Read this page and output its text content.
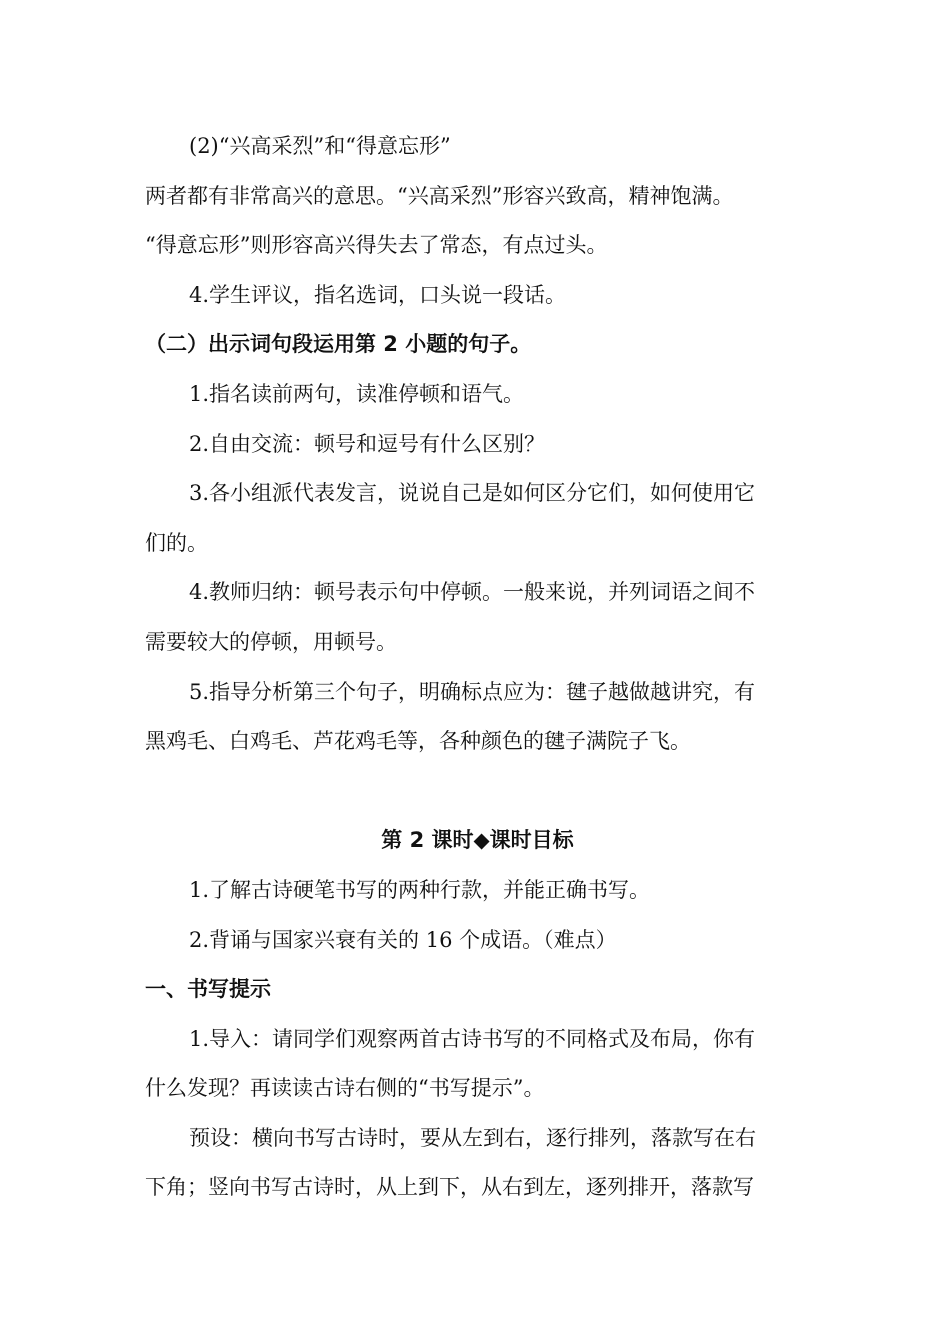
(2)“兴高采烈”和“得意忘形”
两者都有非常高兴的意思。“兴高采烈”形容兴致高，精神饱满。
“得意忘形”则形容高兴得失去了常态，有点过头。
4.学生评议，指名选词，口头说一段话。
（二）出示词句段运用第 2 小题的句子。
1.指名读前两句，读准停顿和语气。
2.自由交流：顿号和逗号有什么区别？
3.各小组派代表发言，说说自己是如何区分它们，如何使用它
们的。
4.教师归纳：顿号表示句中停顿。一般来说，并列词语之间不
需要较大的停顿，用顿号。
5.指导分析第三个句子，明确标点应为：毽子越做越讲究，有
黑鸡毛、白鸡毛、芦花鸡毛等，各种颜色的毽子满院子飞。
第 2 课时◆课时目标
1.了解古诗硬笔书写的两种行款，并能正确书写。
2.背诵与国家兴衰有关的 16 个成语。（难点）
一、书写提示
1.导入：请同学们观察两首古诗书写的不同格式及布局，你有
什么发现？再读读古诗右侧的“书写提示”。
预设：横向书写古诗时，要从左到右，逐行排列，落款写在右
下角；竖向书写古诗时，从上到下，从右到左，逐列排开，落款写
